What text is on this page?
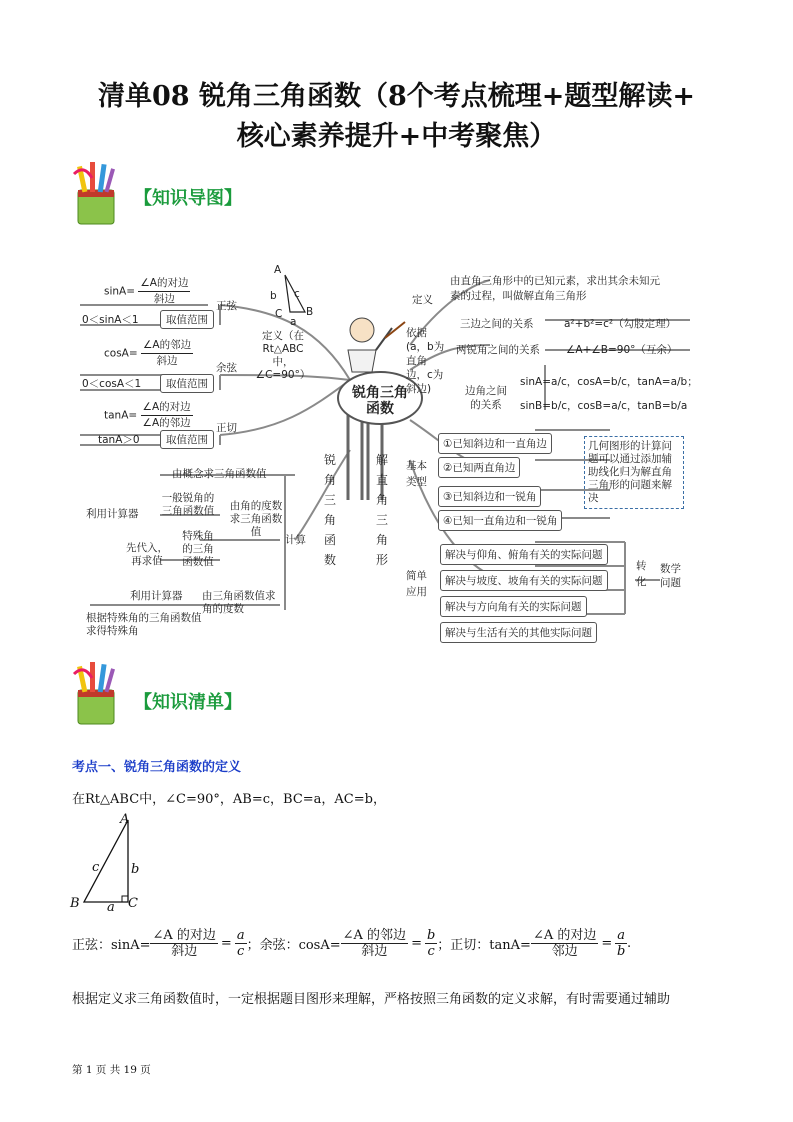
清单08 锐角三角函数（8个考点梳理+题型解读+
核心素养提升+中考聚焦）
【知识导图】
A
b c
C B
a
定义（在Rt△ABC中，∠C=90°）
$\sin A= \frac{\text{∠A的对边}}{\text{斜边}}$ 正弦
0＜sinA＜1	取值范围
$\cos A= \frac{\text{∠A的邻边}}{\text{斜边}}$ 余弦
0＜cosA＜1	取值范围
$\tan A= \frac{\text{∠A的对边}}{\text{∠A的邻边}}$ 正切
tanA＞0	取值范围
由概念求三角函数值
一般锐角的三角函数值
利用计算器
由角的度数求三角函数值
特殊角的三角函数值
先代入，再求值
计算
利用计算器 由三角函数值求角的度数
根据特殊角的三角函数值求得特殊角
锐角三角函数
锐角三角函数
解直角三角形
定义
由直角三角形中的已知元素，求出其余未知元素的过程，叫做解直角三角形
依据(a，b为直角边，c为斜边)
三边之间的关系	a²+b²=c²（勾股定理）
两锐角之间的关系 ∠A+∠B=90°（互余）
边角之间的关系
sinA=a/c，cosA=b/c，tanA=a/b；
sinB=b/c，cosB=a/c，tanB=b/a
基本类型
①已知斜边和一直角边
②已知两直角边
③已知斜边和一锐角
④已知一直角边和一锐角
几何图形的计算问题可以通过添加辅助线化归为解直角三角形的问题来解决
简单应用
解决与仰角、俯角有关的实际问题
解决与坡度、坡角有关的实际问题
解决与方向角有关的实际问题
解决与生活有关的其他实际问题
转化
数学问题
【知识清单】
考点一、锐角三角函数的定义
在Rt△ABC中，∠C=90°，AB=c，BC=a，AC=b，
A
c b
B a C
正弦：$\sin A= \frac{\text{∠A 的对边}}{\text{斜边}} = \frac{a}{c}$ ；余弦：$\cos A= \frac{\text{∠A 的邻边}}{\text{斜边}} = \frac{b}{c}$ ；正切：$\tan A= \frac{\text{∠A 的对边}}{\text{邻边}} = \frac{a}{b}$ .
根据定义求三角函数值时，一定根据题目图形来理解，严格按照三角函数的定义求解，有时需要通过辅助
第 1 页 共 19 页
